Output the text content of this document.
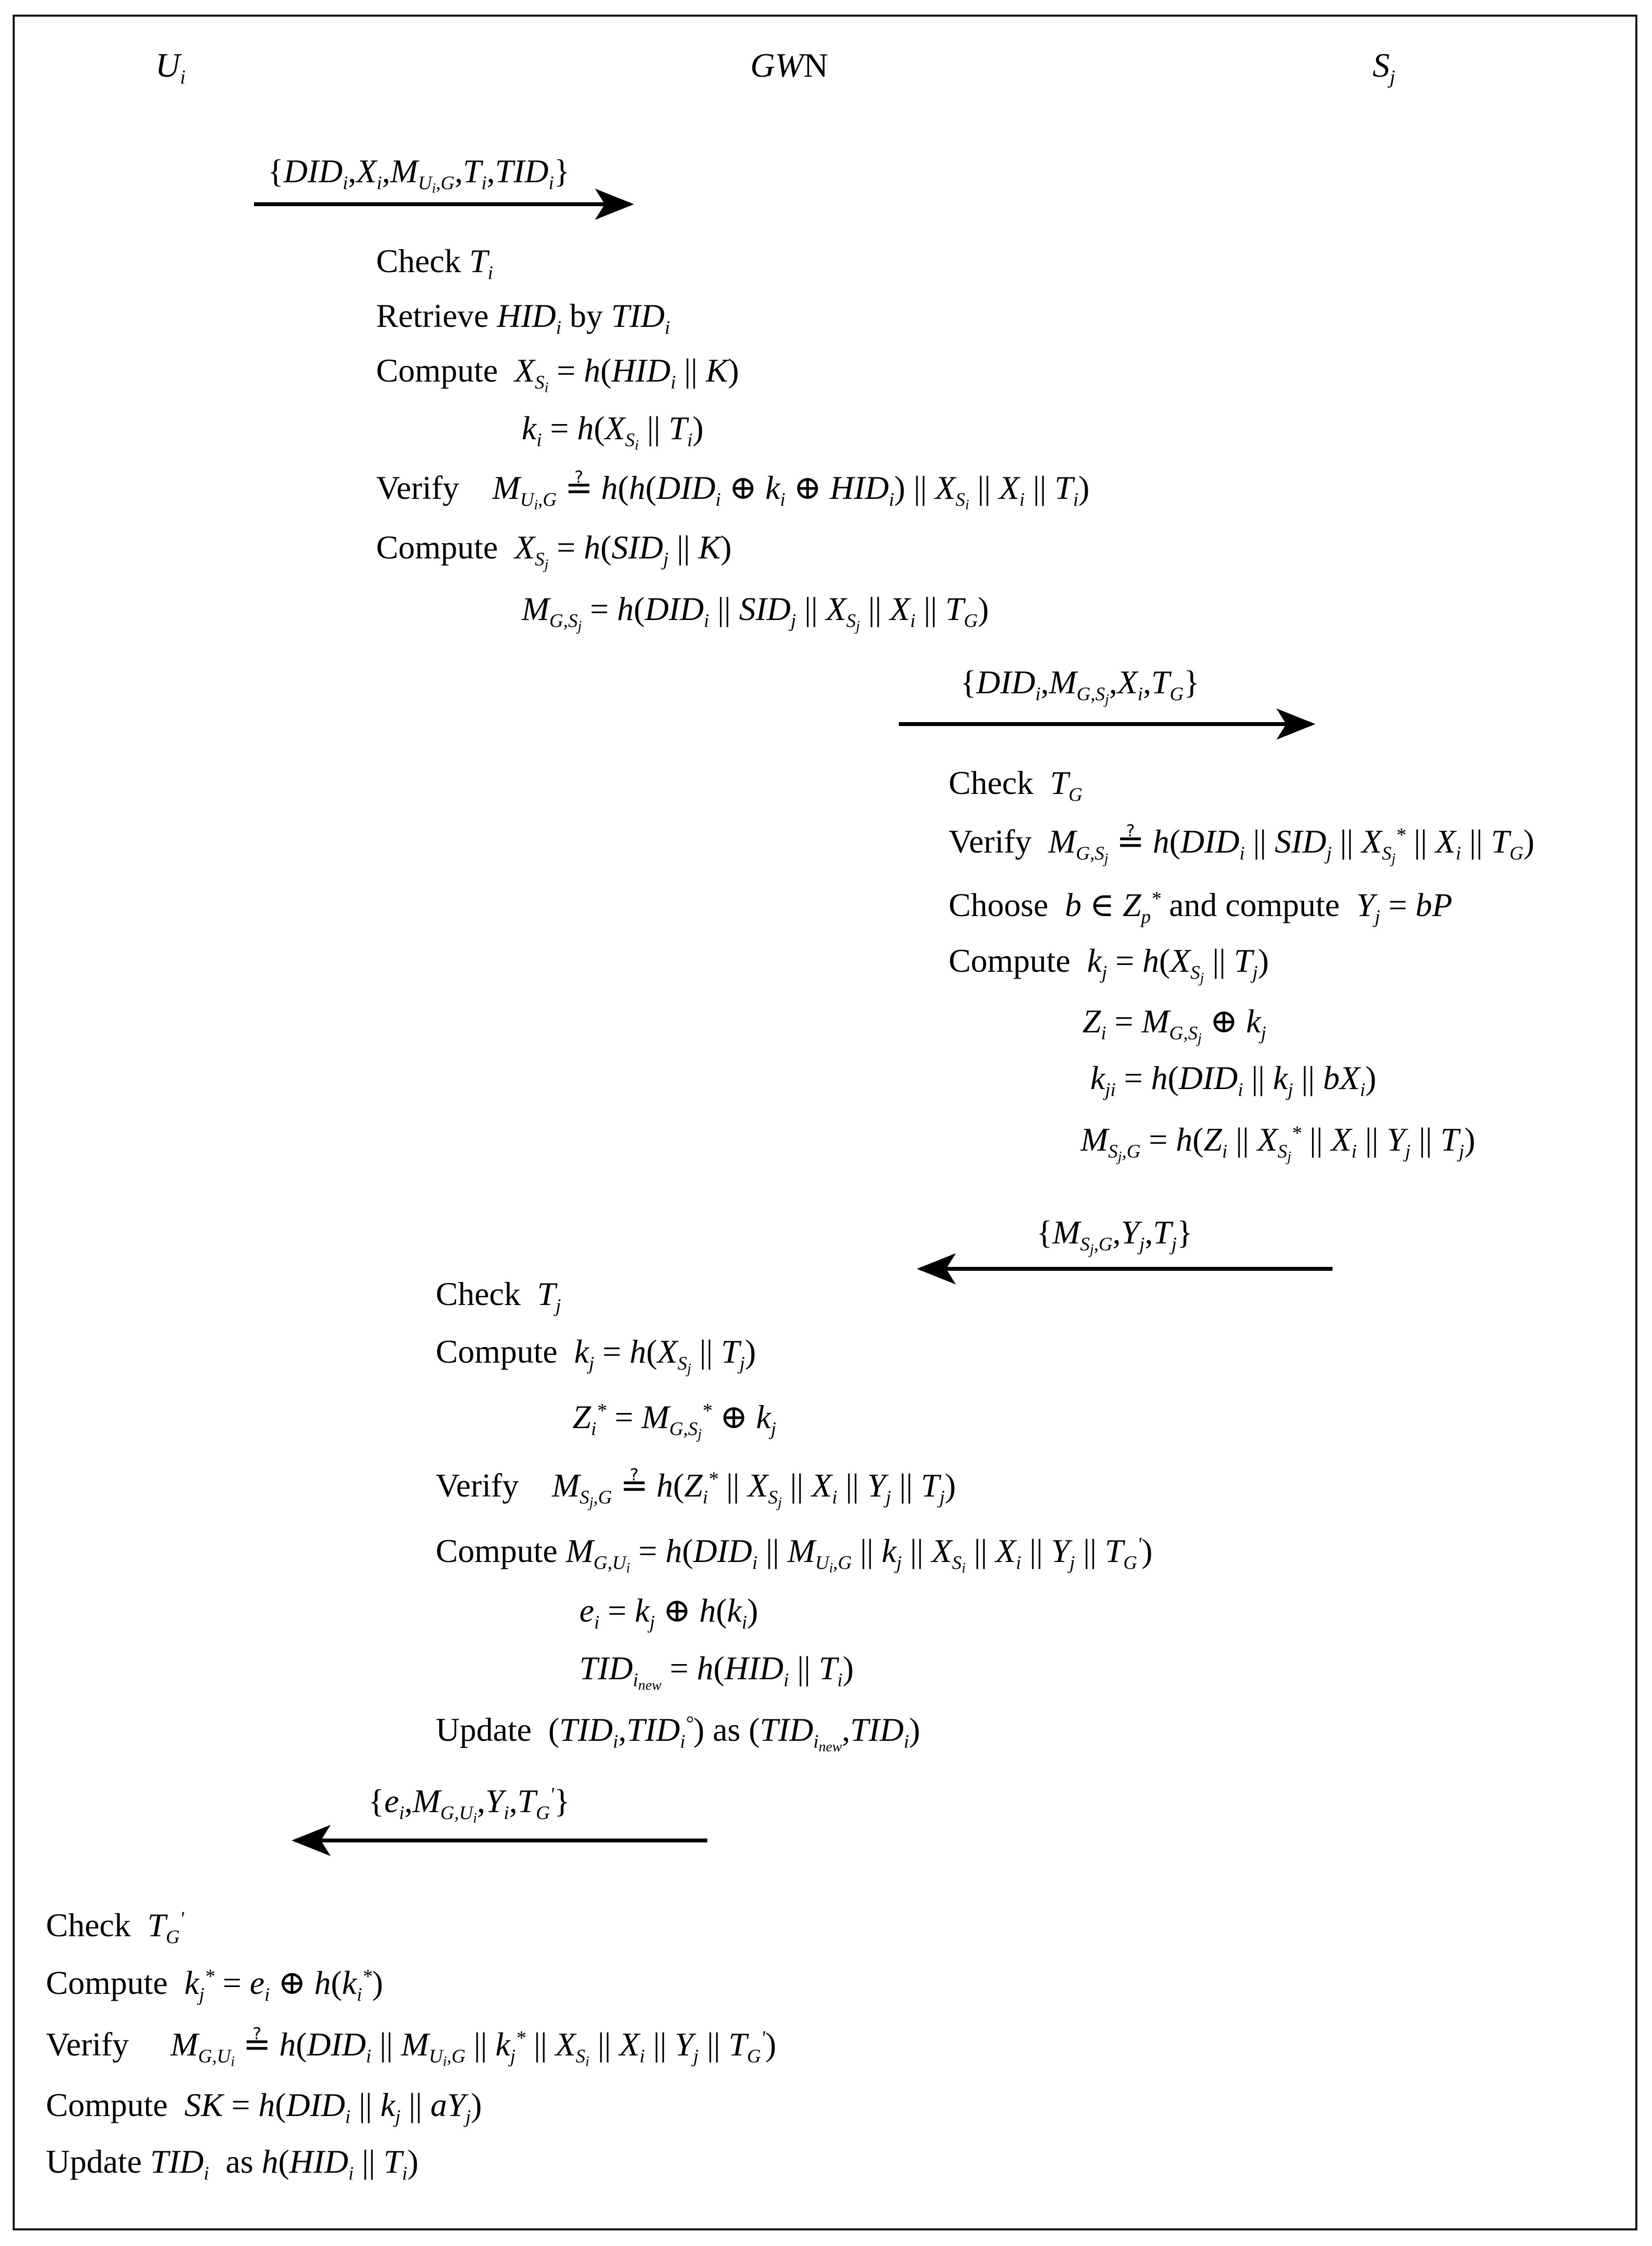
$U_i$	GWN	$S_j$
$\{DID_i,X_i,M_{U_i,G},T_i,TID_i\}$
$\{DID_i,M_{G,S_j},X_i,T_G\}$
$\{M_{S_j,G},Y_j,T_j\}$
$\{e_i,M_{G,U_i},Y_i,T_G'\}$
Check $T_i$
Retrieve $HID_i$ by $TID_i$
Compute  $X_{S_i} = h(HID_i$ || K)
$k_i = h(X_{S_i}$ || $T_i$)
Verify    $M_{U_i,G}$ ≟ $h(h(DID_i$ ⊕ $k_i$ ⊕ $HID_i$) || $X_{S_i}$ || $X_i$ || $T_i$)
Compute  $X_{S_j} = h(SID_j$ || K)
$M_{G,S_j} = h(DID_i$ || $SID_j$ || $X_{S_j}$ || $X_i$ || $T_G$)
Check  $T_G$
Verify  $M_{G,S_j}$ ≟ $h(DID_i$ || $SID_j$ || $X_{S_j}^*$ || $X_i$ || $T_G$)
Choose  b ∈ $Z_p^*$ and compute  $Y_j$ = bP
Compute  $k_j = h(X_{S_j}$ || $T_j$)
$Z_i = M_{G,S_j}$ ⊕ $k_j$
$k_{ji} = h(DID_i$ || $k_j$ || $bX_i$)
$M_{S_j,G} = h(Z_i$ || $X_{S_j}^*$ || $X_i$ || $Y_j$ || $T_j$)
Check  $T_j$
Compute  $k_j = h(X_{S_j}$ || $T_j$)
$Z_i^* = M_{G,S_j}^*$ ⊕ $k_j$
Verify    $M_{S_j,G}$ ≟ $h(Z_i^*$ || $X_{S_j}$ || $X_i$ || $Y_j$ || $T_j$)
Compute $M_{G,U_i} = h(DID_i$ || $M_{U_i,G}$ || $k_j$ || $X_{S_i}$ || $X_i$ || $Y_j$ || $T_G'$)
$e_i = k_j$ ⊕ $h(k_i)$
$TID_{i_{new}} = h(HID_i$ || $T_i$)
Update  $(TID_i,TID_i^\circ)$ as $(TID_{i_{new}},TID_i)$
Check  $T_G'$
Compute  $k_j^* = e_i$ ⊕ $h(k_i^*)$
Verify     $M_{G,U_i}$ ≟ $h(DID_i$ || $M_{U_i,G}$ || $k_j^*$ || $X_{S_i}$ || $X_i$ || $Y_j$ || $T_G'$)
Compute  SK = $h(DID_i$ || $k_j$ || $aY_j$)
Update $TID_i$  as $h(HID_i$ || $T_i$)
